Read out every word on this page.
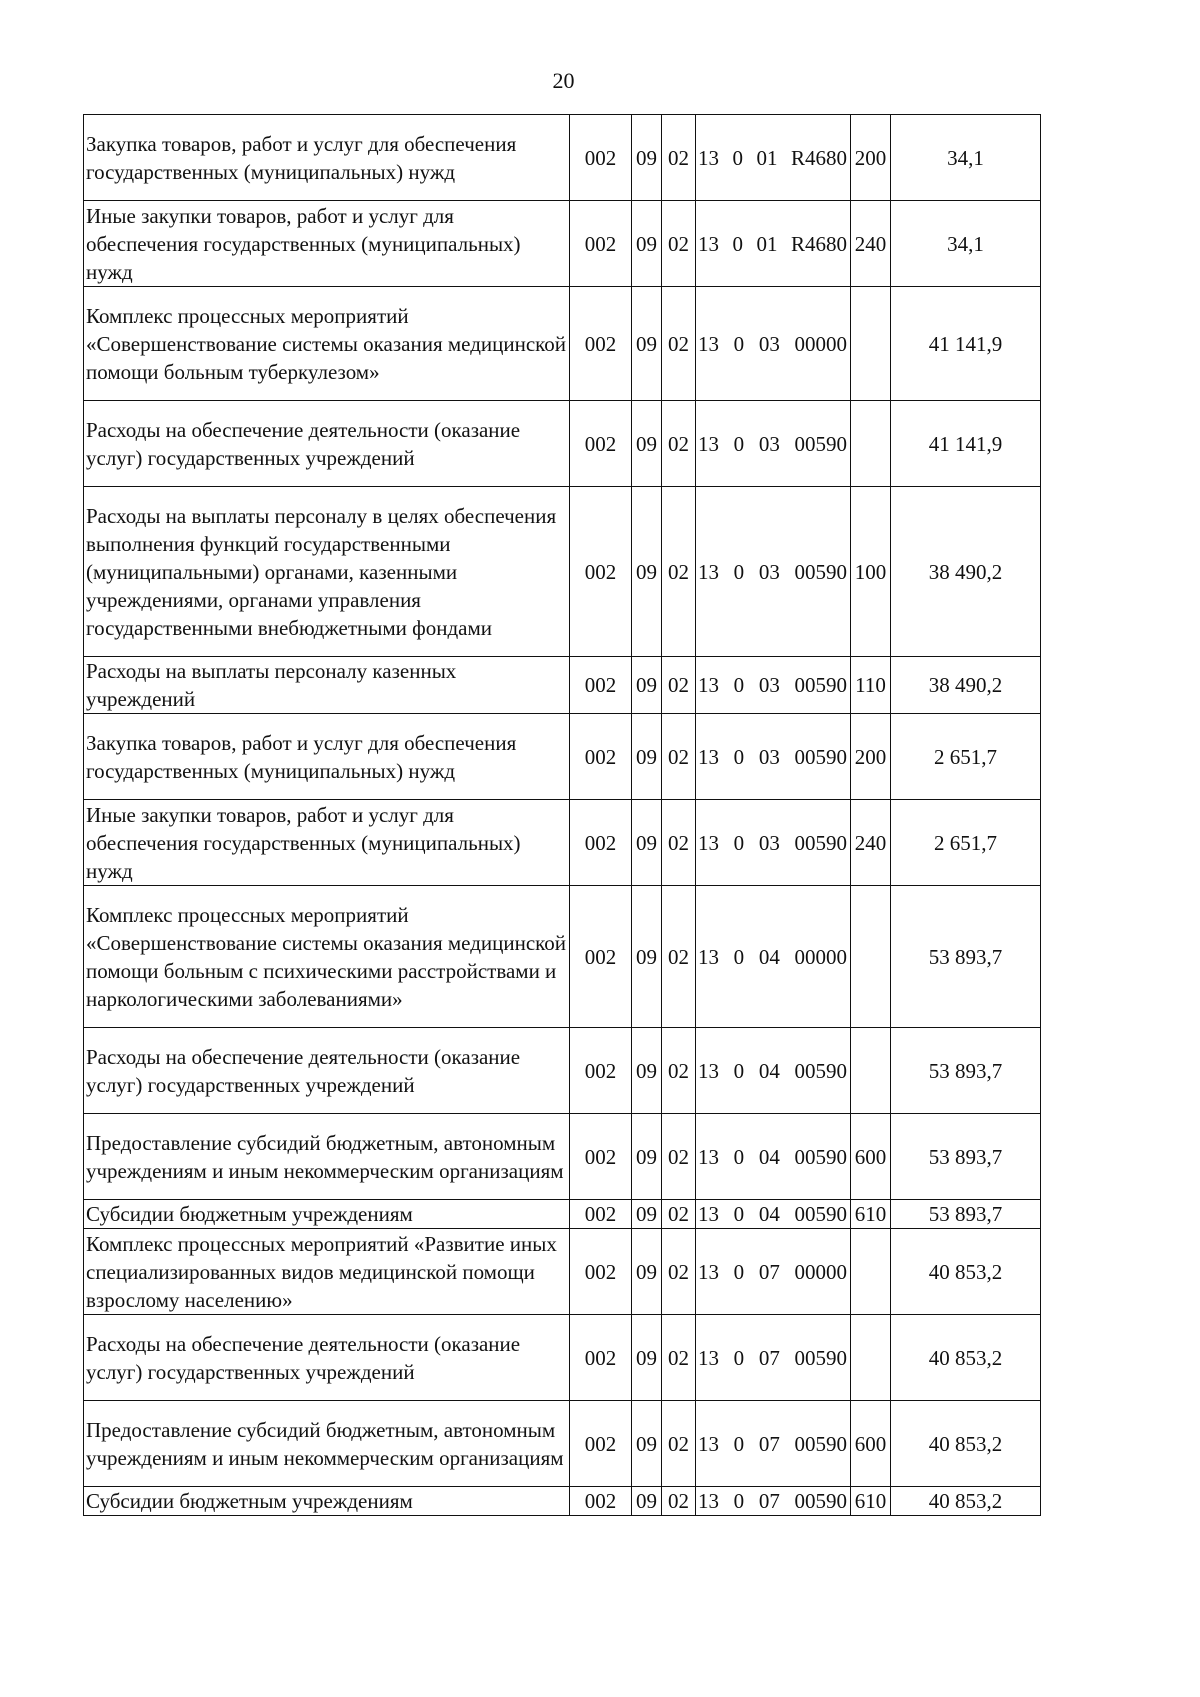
20
Закупка товаров, работ и услуг для обеспечения государственных (муниципальных) нужд	002	09	02	13 0 01 R4680	200	34,1
Иные закупки товаров, работ и услуг для обеспечения государственных (муниципальных) нужд	002	09	02	13 0 01 R4680	240	34,1
Комплекс процессных мероприятий «Совершенствование системы оказания медицинской помощи больным туберкулезом»	002	09	02	13 0 03 00000		41 141,9
Расходы на обеспечение деятельности (оказание услуг) государственных учреждений	002	09	02	13 0 03 00590		41 141,9
Расходы на выплаты персоналу в целях обеспечения выполнения функций государственными (муниципальными) органами, казенными учреждениями, органами управления государственными внебюджетными фондами	002	09	02	13 0 03 00590	100	38 490,2
Расходы на выплаты персоналу казенных учреждений	002	09	02	13 0 03 00590	110	38 490,2
Закупка товаров, работ и услуг для обеспечения государственных (муниципальных) нужд	002	09	02	13 0 03 00590	200	2 651,7
Иные закупки товаров, работ и услуг для обеспечения государственных (муниципальных) нужд	002	09	02	13 0 03 00590	240	2 651,7
Комплекс процессных мероприятий «Совершенствование системы оказания медицинской помощи больным с психическими расстройствами и наркологическими заболеваниями»	002	09	02	13 0 04 00000		53 893,7
Расходы на обеспечение деятельности (оказание услуг) государственных учреждений	002	09	02	13 0 04 00590		53 893,7
Предоставление субсидий бюджетным, автономным учреждениям и иным некоммерческим организациям	002	09	02	13 0 04 00590	600	53 893,7
Субсидии бюджетным учреждениям	002	09	02	13 0 04 00590	610	53 893,7
Комплекс процессных мероприятий «Развитие иных специализированных видов медицинской помощи взрослому населению»	002	09	02	13 0 07 00000		40 853,2
Расходы на обеспечение деятельности (оказание услуг) государственных учреждений	002	09	02	13 0 07 00590		40 853,2
Предоставление субсидий бюджетным, автономным учреждениям и иным некоммерческим организациям	002	09	02	13 0 07 00590	600	40 853,2
Субсидии бюджетным учреждениям	002	09	02	13 0 07 00590	610	40 853,2
